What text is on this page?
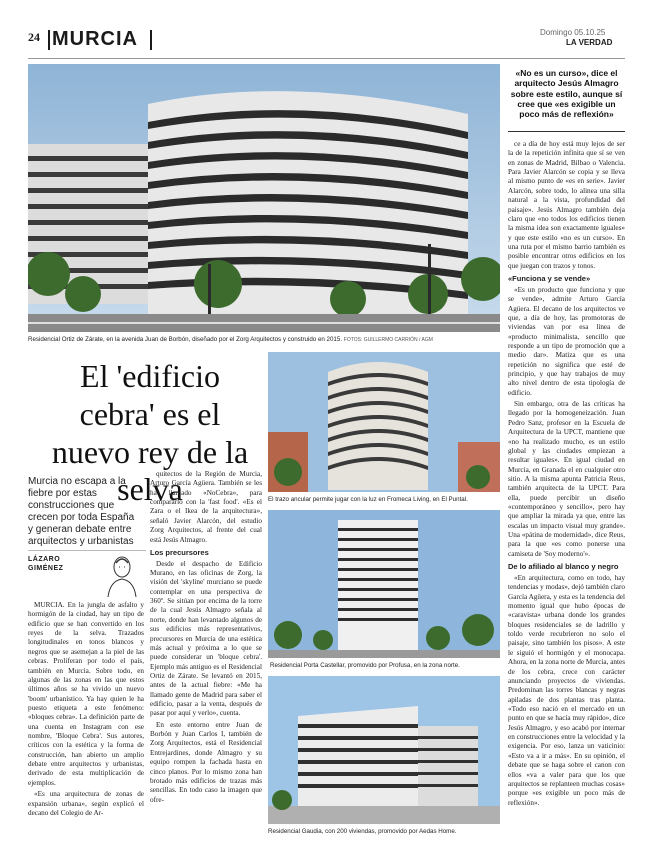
24 MURCIA	Domingo 05.10.25
LA VERDAD
Residencial Ortiz de Zárate, en la avenida Juan de Borbón, diseñado por el Zorg Arquitectos y construido en 2015. FOTOS: GUILLERMO CARRIÓN / AGM
El 'edificio cebra' es el nuevo rey de la selva
Murcia no escapa a la fiebre por estas construcciones que crecen por toda España y generan debate entre arquitectos y urbanistas
LÁZARO
GIMÉNEZ

MURCIA. En la jungla de asfalto y hormigón de la ciudad, hay un tipo de edificio que se han convertido en los reyes de la selva. Trazados longitudinales en tonos blancos y negros que se asemejan a la piel de las cebras. Proliferan por todo el país, también en Murcia. Sobre todo, en algunas de las zonas en las que estos últimos años se ha vivido un nuevo 'boom' urbanístico. Ya hay quien le ha puesto etiqueta a este fenómeno: «bloques cebra». La definición parte de una cuenta en Instagram con ese nombre, 'Bloque Cebra'. Sus autores, críticos con la estética y la forma de construcción, han abierto un amplio debate entre arquitectos y urbanistas, derivado de esta multiplicación de ejemplos.

«Es una arquitectura de zonas de expansión urbana», según explicó el decano del Colegio de Ar-

quitectos de la Región de Murcia, Arturo García Agüera. También se les ha llamado «NoCebra», para compararlo con la 'fast food'. «Es el Zara o el Ikea de la arquitectura», señaló Javier Alarcón, del estudio Zorg Arquitectos, al frente del cual está Jesús Almagro.

Los precursores

Desde el despacho de Edificio Murano, en las oficinas de Zorg, la visión del 'skyline' murciano se puede contemplar en una perspectiva de 360º. Se sitúan por encima de la torre de la cual Jesús Almagro señala al norte, donde han levantado algunos de sus edificios más representativos, precursores en Murcia de una estética más actual y próxima a lo que se puede considerar un 'bloque cebra'. Ejemplo más antiguo es el Residencial Ortiz de Zárate. Se levantó en 2015, antes de la actual fiebre: «Me ha llamado gente de Madrid para saber el edificio, pasar a la venta, después de pasar por aquí y verlo», cuenta.

En este entorno entre Juan de Borbón y Juan Carlos I, también de Zorg Arquitectos, está el Residencial Entrejardines, donde Almagro y su equipo rompen la fachada hasta en cinco planos. Por lo mismo zona han brotado más edificios de trazas más sencillas. En todo caso la imagen que ofre-

El trazo ancular permite jugar con la luz en Fromeca Living, en El Puntal.
Residencial Porta Castellar, promovido por Profusa, en la zona norte.
Residencial Gaudia, con 200 viviendas, promovido por Aedas Home.
«No es un curso», dice el arquitecto Jesús Almagro sobre este estilo, aunque sí cree que «es exigible un poco más de reflexión»

ce a día de hoy está muy lejos de ser la de la repetición infinita que sí se ven en zonas de Madrid, Bilbao o Valencia. Para Javier Alarcón se copia y se lleva al mismo punto de «es en serie». Javier Alarcón, sobre todo, lo alinea una silla natural a la vista, profundidad del paisaje». Jesús Almagro también deja claro que «no todos los edificios tienen la misma idea son exactamente iguales» y que este estilo «no es un curso». En una ruta por el mismo barrio también es posible encontrar otros edificios en los que juegan con trazos y tonos.

«Funciona y se vende»

«Es un producto que funciona y que se vende», admite Arturo García Agüera. El decano de los arquitectos ve que, a día de hoy, las promotoras de viviendas van por esa línea de «producto minimalista, sencillo que responde a un tipo de promoción que a medio dar». Matiza que es una repetición no significa que esté de principio, y que hay trabajos de muy alto nivel dentro de esta tipología de edificio.

Sin embargo, otra de las críticas ha llegado por la homogeneización. Juan Pedro Sanz, profesor en la Escuela de Arquitectura de la UPCT, mantiene que «no ha realizado mucho, es un estilo global y las ciudades empiezan a resultar iguales». En igual ciudad en Murcia, en Granada el en cualquier otro sitio. A la misma apunta Patricia Reus, también arquitecta de la UPCT. Para ella, puede percibir un diseño «contemporáneo y sencillo», pero hay que ampliar la mirada ya que, entre las escalas un impacto visual muy grande». Una «pátina de modernidad», dice Reus, para la que «es como ponerse una camiseta de 'Soy moderno'».

De lo afiliado al blanco y negro

«En arquitectura, como en todo, hay tendencias y modas», dejó también claro García Agüera, y esta es la tendencia del momento igual que hubo épocas de «caravista» urbana donde los grandes bloques residenciales se de ladrillo y toldo verde recubrieron no solo el paisaje, sino también los pisos». A este le siguió el hormigón y el monocapa. Ahora, en la zona norte de Murcia, antes de los cebra, crece con carácter anunciando proyectos de viviendas. Predominan las torres blancas y negras apiladas de dos plantas tras planta. «Todo eso nació en el mercado en un punto en que se hacía muy rápido», dice Jesús Almagro, y eso acabó por internar en construcciones entre la velocidad y la exigencia. Por eso, lanza un vaticinio: «Esto va a ir a más». En su opinión, el debate que se haga sobre el canon con ellos «va a valer para que los que arquitectos se replanteen muchas cosas» porque «es exigible un poco más de reflexión».
